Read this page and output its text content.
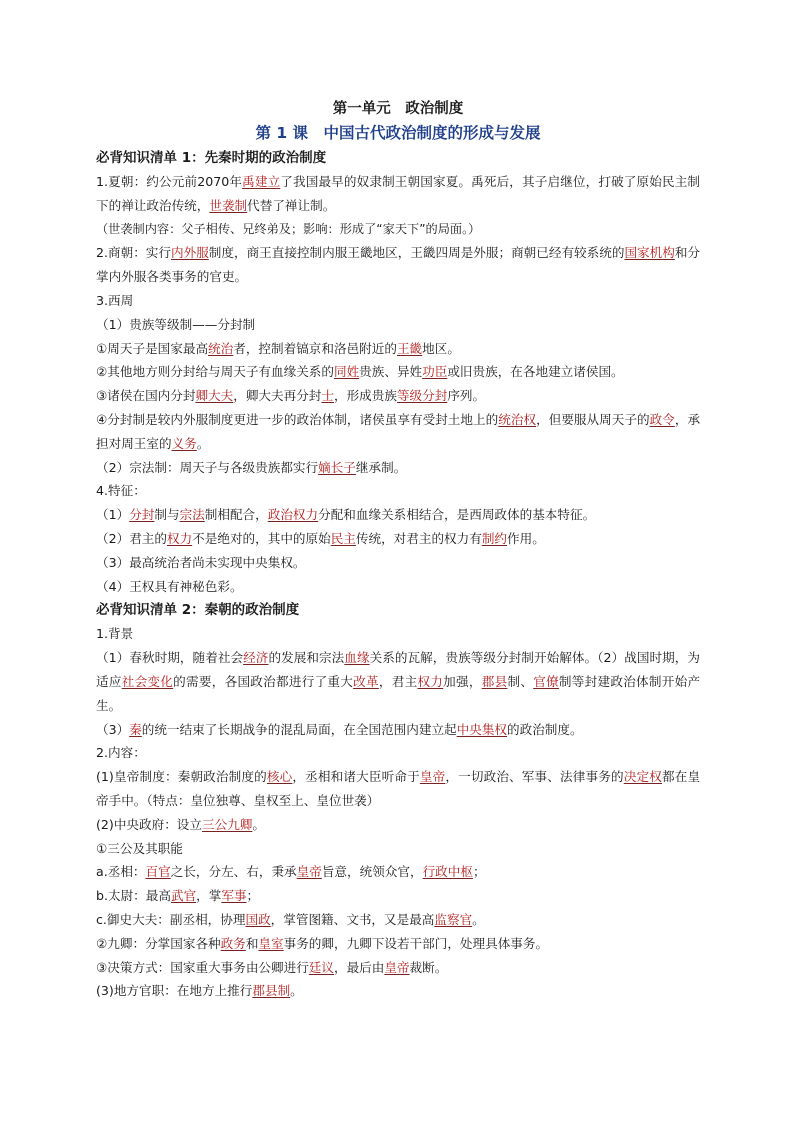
第一单元　政治制度
第 1 课　中国古代政治制度的形成与发展
必背知识清单 1：先秦时期的政治制度
1.夏朝：约公元前2070年禹建立了我国最早的奴隶制王朝国家夏。禹死后，其子启继位，打破了原始民主制下的禅让政治传统，世袭制代替了禅让制。
（世袭制内容：父子相传、兄终弟及；影响：形成了“家天下”的局面。）
2.商朝：实行内外服制度，商王直接控制内服王畿地区，王畿四周是外服；商朝已经有较系统的国家机构和分掌内外服各类事务的官吏。
3.西周
（1）贵族等级制——分封制
①周天子是国家最高统治者，控制着镐京和洛邑附近的王畿地区。
②其他地方则分封给与周天子有血缘关系的同姓贵族、异姓功臣或旧贵族，在各地建立诸侯国。
③诸侯在国内分封卿大夫，卿大夫再分封士，形成贵族等级分封序列。
④分封制是较内外服制度更进一步的政治体制，诸侯虽享有受封土地上的统治权，但要服从周天子的政令，承担对周王室的义务。
（2）宗法制：周天子与各级贵族都实行嫡长子继承制。
4.特征：
（1）分封制与宗法制相配合，政治权力分配和血缘关系相结合，是西周政体的基本特征。
（2）君主的权力不是绝对的，其中的原始民主传统，对君主的权力有制约作用。
（3）最高统治者尚未实现中央集权。
（4）王权具有神秘色彩。
必背知识清单 2：秦朝的政治制度
1.背景
（1）春秋时期，随着社会经济的发展和宗法血缘关系的瓦解，贵族等级分封制开始解体。（2）战国时期，为适应社会变化的需要，各国政治都进行了重大改革，君主权力加强，郡县制、官僚制等封建政治体制开始产生。
（3）秦的统一结束了长期战争的混乱局面，在全国范围内建立起中央集权的政治制度。
2.内容：
(1)皇帝制度：秦朝政治制度的核心，丞相和诸大臣听命于皇帝，一切政治、军事、法律事务的决定权都在皇帝手中。（特点：皇位独尊、皇权至上、皇位世袭）
(2)中央政府：设立三公九卿。
①三公及其职能
a.丞相：百官之长，分左、右，秉承皇帝旨意，统领众官，行政中枢；
b.太尉：最高武官，掌军事；
c.御史大夫：副丞相，协理国政，掌管图籍、文书，又是最高监察官。
②九卿：分掌国家各种政务和皇室事务的卿，九卿下设若干部门，处理具体事务。
③决策方式：国家重大事务由公卿进行廷议，最后由皇帝裁断。
(3)地方官职：在地方上推行郡县制。
